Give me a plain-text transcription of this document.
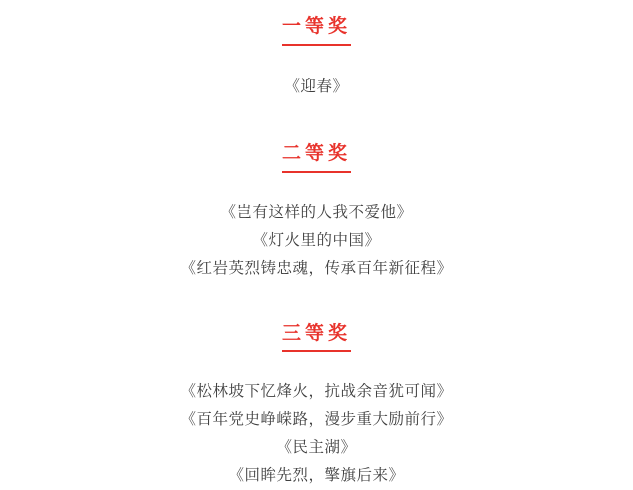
一等奖
《迎春》
二等奖
《岂有这样的人我不爱他》
《灯火里的中国》
《红岩英烈铸忠魂，传承百年新征程》
三等奖
《松林坡下忆烽火，抗战余音犹可闻》
《百年党史峥嵘路，漫步重大励前行》
《民主湖》
《回眸先烈，擎旗后来》
